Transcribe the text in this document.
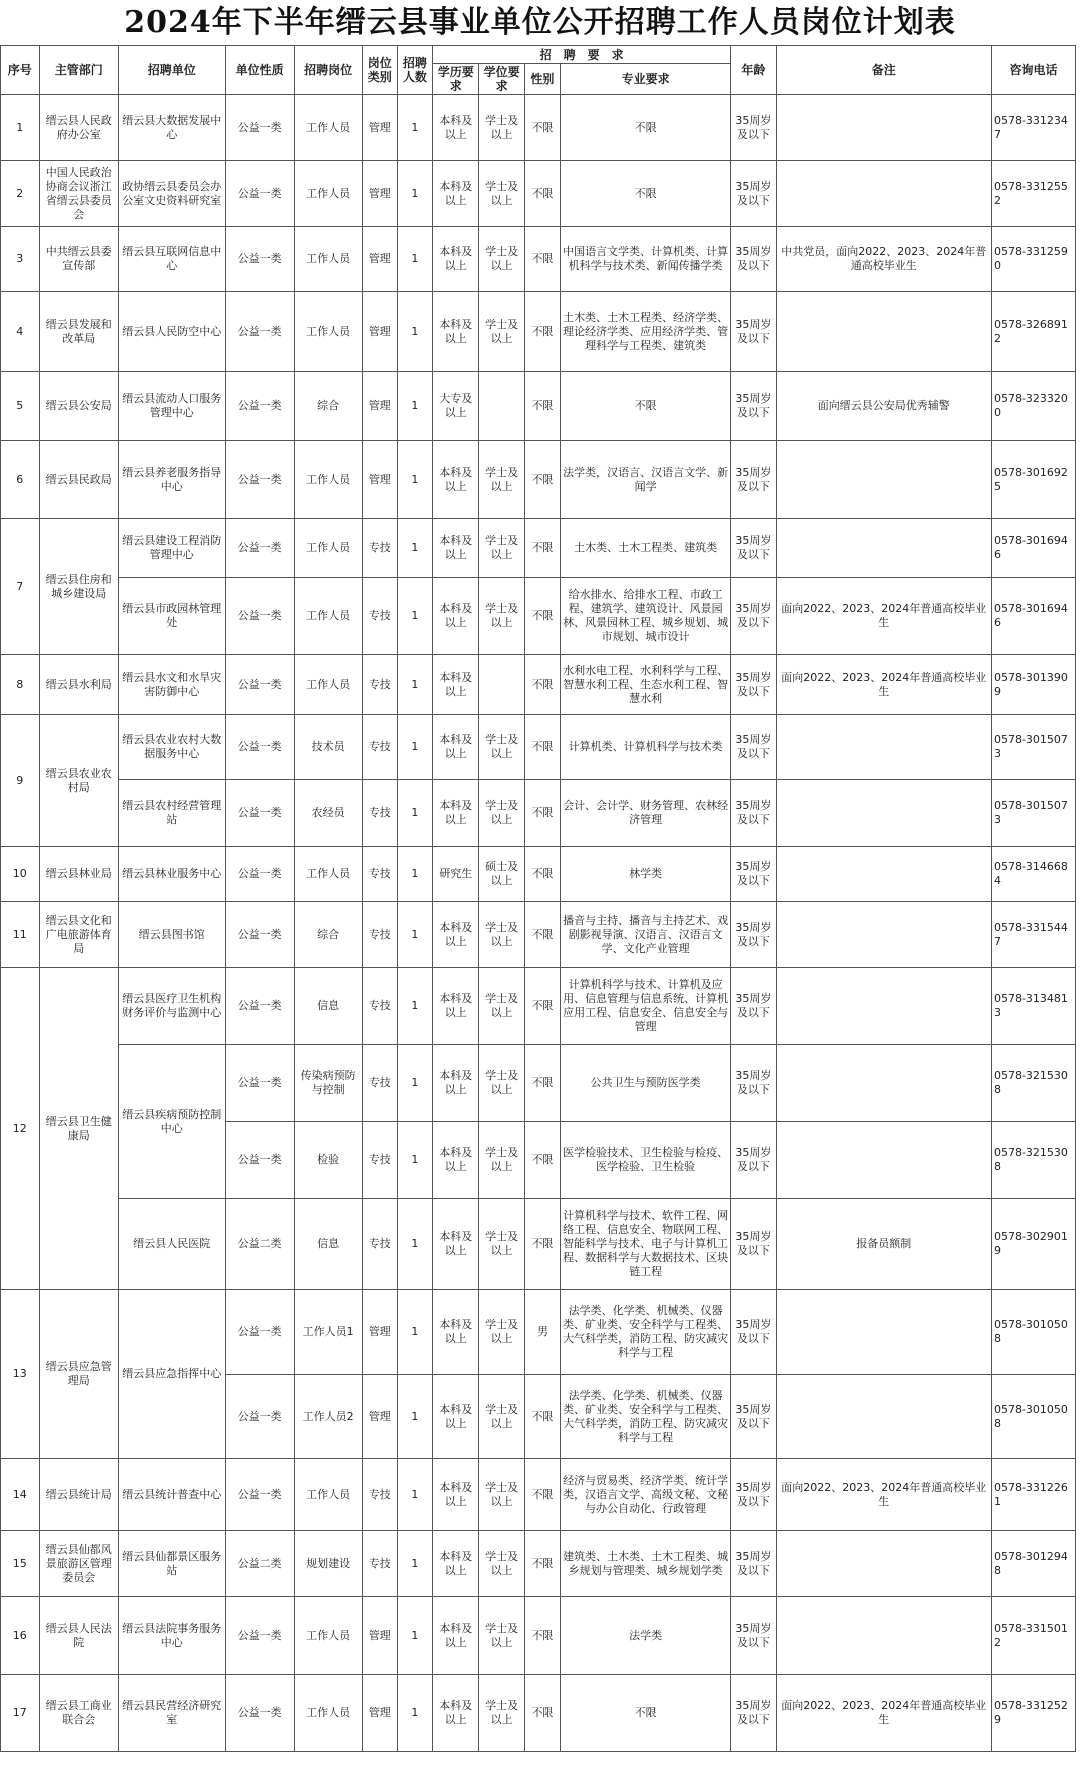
2024年下半年缙云县事业单位公开招聘工作人员岗位计划表
序号	主管部门	招聘单位	单位性质	招聘岗位	岗位类别	招聘人数	招　聘　要　求				年龄	备注	咨询电话
							学历要求	学位要求	性别	专业要求			
1	缙云县人民政府办公室	缙云县大数据发展中心	公益一类	工作人员	管理	1	本科及以上	学士及以上	不限	不限	35周岁及以下		0578-3312347
2	中国人民政治协商会议浙江省缙云县委员会	政协缙云县委员会办公室文史资料研究室	公益一类	工作人员	管理	1	本科及以上	学士及以上	不限	不限	35周岁及以下		0578-3312552
3	中共缙云县委宣传部	缙云县互联网信息中心	公益一类	工作人员	管理	1	本科及以上	学士及以上	不限	中国语言文学类、计算机类、计算机科学与技术类、新闻传播学类	35周岁及以下	中共党员，面向2022、2023、2024年普通高校毕业生	0578-3312590
4	缙云县发展和改革局	缙云县人民防空中心	公益一类	工作人员	管理	1	本科及以上	学士及以上	不限	土木类、土木工程类、经济学类、理论经济学类、应用经济学类、管理科学与工程类、建筑类	35周岁及以下		0578-3268912
5	缙云县公安局	缙云县流动人口服务管理中心	公益一类	综合	管理	1	大专及以上		不限	不限	35周岁及以下	面向缙云县公安局优秀辅警	0578-3233200
6	缙云县民政局	缙云县养老服务指导中心	公益一类	工作人员	管理	1	本科及以上	学士及以上	不限	法学类，汉语言、汉语言文学、新闻学	35周岁及以下		0578-3016925
7	缙云县住房和城乡建设局	缙云县建设工程消防管理中心	公益一类	工作人员	专技	1	本科及以上	学士及以上	不限	土木类、土木工程类、建筑类	35周岁及以下		0578-3016946
		缙云县市政园林管理处	公益一类	工作人员	专技	1	本科及以上	学士及以上	不限	给水排水、给排水工程、市政工程、建筑学、建筑设计、风景园林、风景园林工程、城乡规划、城市规划、城市设计	35周岁及以下	面向2022、2023、2024年普通高校毕业生	0578-3016946
8	缙云县水利局	缙云县水文和水旱灾害防御中心	公益一类	工作人员	专技	1	本科及以上		不限	水利水电工程、水利科学与工程、智慧水利工程、生态水利工程、智慧水利	35周岁及以下	面向2022、2023、2024年普通高校毕业生	0578-3013909
9	缙云县农业农村局	缙云县农业农村大数据服务中心	公益一类	技术员	专技	1	本科及以上	学士及以上	不限	计算机类、计算机科学与技术类	35周岁及以下		0578-3015073
		缙云县农村经营管理站	公益一类	农经员	专技	1	本科及以上	学士及以上	不限	会计、会计学、财务管理、农林经济管理	35周岁及以下		0578-3015073
10	缙云县林业局	缙云县林业服务中心	公益一类	工作人员	专技	1	研究生	硕士及以上	不限	林学类	35周岁及以下		0578-3146684
11	缙云县文化和广电旅游体育局	缙云县图书馆	公益一类	综合	专技	1	本科及以上	学士及以上	不限	播音与主持、播音与主持艺术、戏剧影视导演、汉语言、汉语言文学、文化产业管理	35周岁及以下		0578-3315447
12	缙云县卫生健康局	缙云县医疗卫生机构财务评价与监测中心	公益一类	信息	专技	1	本科及以上	学士及以上	不限	计算机科学与技术、计算机及应用、信息管理与信息系统、计算机应用工程、信息安全、信息安全与管理	35周岁及以下		0578-3134813
		缙云县疾病预防控制中心	公益一类	传染病预防与控制	专技	1	本科及以上	学士及以上	不限	公共卫生与预防医学类	35周岁及以下		0578-3215308
			公益一类	检验	专技	1	本科及以上	学士及以上	不限	医学检验技术、卫生检验与检疫、医学检验、卫生检验	35周岁及以下		0578-3215308
		缙云县人民医院	公益二类	信息	专技	1	本科及以上	学士及以上	不限	计算机科学与技术、软件工程、网络工程、信息安全、物联网工程、智能科学与技术、电子与计算机工程、数据科学与大数据技术、区块链工程	35周岁及以下	报备员额制	0578-3029019
13	缙云县应急管理局	缙云县应急指挥中心	公益一类	工作人员1	管理	1	本科及以上	学士及以上	男	法学类、化学类、机械类、仪器类、矿业类、安全科学与工程类、大气科学类，消防工程、防灾减灾科学与工程	35周岁及以下		0578-3010508
			公益一类	工作人员2	管理	1	本科及以上	学士及以上	不限	法学类、化学类、机械类、仪器类、矿业类、安全科学与工程类、大气科学类，消防工程、防灾减灾科学与工程	35周岁及以下		0578-3010508
14	缙云县统计局	缙云县统计普查中心	公益一类	工作人员	专技	1	本科及以上	学士及以上	不限	经济与贸易类、经济学类、统计学类，汉语言文学、高级文秘、文秘与办公自动化、行政管理	35周岁及以下	面向2022、2023、2024年普通高校毕业生	0578-3312261
15	缙云县仙都风景旅游区管理委员会	缙云县仙都景区服务站	公益二类	规划建设	专技	1	本科及以上	学士及以上	不限	建筑类、土木类、土木工程类、城乡规划与管理类、城乡规划学类	35周岁及以下		0578-3012948
16	缙云县人民法院	缙云县法院事务服务中心	公益一类	工作人员	管理	1	本科及以上	学士及以上	不限	法学类	35周岁及以下		0578-3315012
17	缙云县工商业联合会	缙云县民营经济研究室	公益一类	工作人员	管理	1	本科及以上	学士及以上	不限	不限	35周岁及以下	面向2022、2023、2024年普通高校毕业生	0578-3312529
